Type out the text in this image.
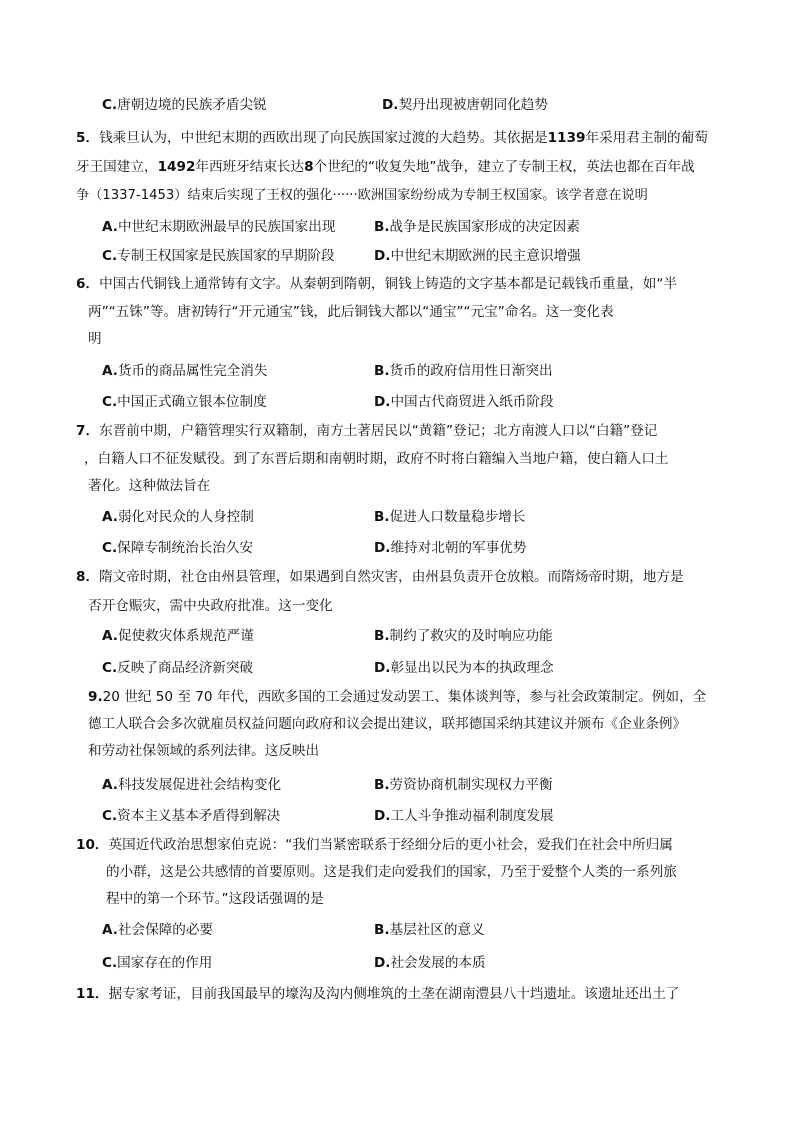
C.唐朝边境的民族矛盾尖锐	D.契丹出现被唐朝同化趋势
5．钱乘旦认为，中世纪末期的西欧出现了向民族国家过渡的大趋势。其依据是1139年采用君主制的葡萄
牙王国建立，1492年西班牙结束长达8个世纪的“收复失地”战争，建立了专制王权，英法也都在百年战
争（1337-1453）结束后实现了王权的强化······欧洲国家纷纷成为专制王权国家。该学者意在说明
A.中世纪末期欧洲最早的民族国家出现	B.战争是民族国家形成的决定因素
C.专制王权国家是民族国家的早期阶段	D.中世纪末期欧洲的民主意识增强
6．中国古代铜钱上通常铸有文字。从秦朝到隋朝，铜钱上铸造的文字基本都是记载钱币重量，如“半
两”“五铢”等。唐初铸行“开元通宝”钱，此后铜钱大都以“通宝”“元宝”命名。这一变化表
明
A.货币的商品属性完全消失	B.货币的政府信用性日渐突出
C.中国正式确立银本位制度	D.中国古代商贸进入纸币阶段
7．东晋前中期，户籍管理实行双籍制，南方土著居民以“黄籍”登记；北方南渡人口以“白籍”登记
，白籍人口不征发赋役。到了东晋后期和南朝时期，政府不时将白籍编入当地户籍，使白籍人口土
著化。这种做法旨在
A.弱化对民众的人身控制	B.促进人口数量稳步增长
C.保障专制统治长治久安	D.维持对北朝的军事优势
8．隋文帝时期，社仓由州县管理，如果遇到自然灾害，由州县负责开仓放粮。而隋炀帝时期，地方是
否开仓赈灾，需中央政府批准。这一变化
A.促使救灾体系规范严谨	B.制约了救灾的及时响应功能
C.反映了商品经济新突破	D.彰显出以民为本的执政理念
9.20 世纪 50 至 70 年代，西欧多国的工会通过发动罢工、集体谈判等，参与社会政策制定。例如，全
德工人联合会多次就雇员权益问题向政府和议会提出建议，联邦德国采纳其建议并颁布《企业条例》
和劳动社保领域的系列法律。这反映出
A.科技发展促进社会结构变化	B.劳资协商机制实现权力平衡
C.资本主义基本矛盾得到解决	D.工人斗争推动福利制度发展
10．英国近代政治思想家伯克说：“我们当紧密联系于经细分后的更小社会，爱我们在社会中所归属
的小群，这是公共感情的首要原则。这是我们走向爱我们的国家，乃至于爱整个人类的一系列旅
程中的第一个环节。”这段话强调的是
A.社会保障的必要	B.基层社区的意义
C.国家存在的作用	D.社会发展的本质
11．据专家考证，目前我国最早的壕沟及沟内侧堆筑的土垄在湖南澧县八十垱遗址。该遗址还出土了
